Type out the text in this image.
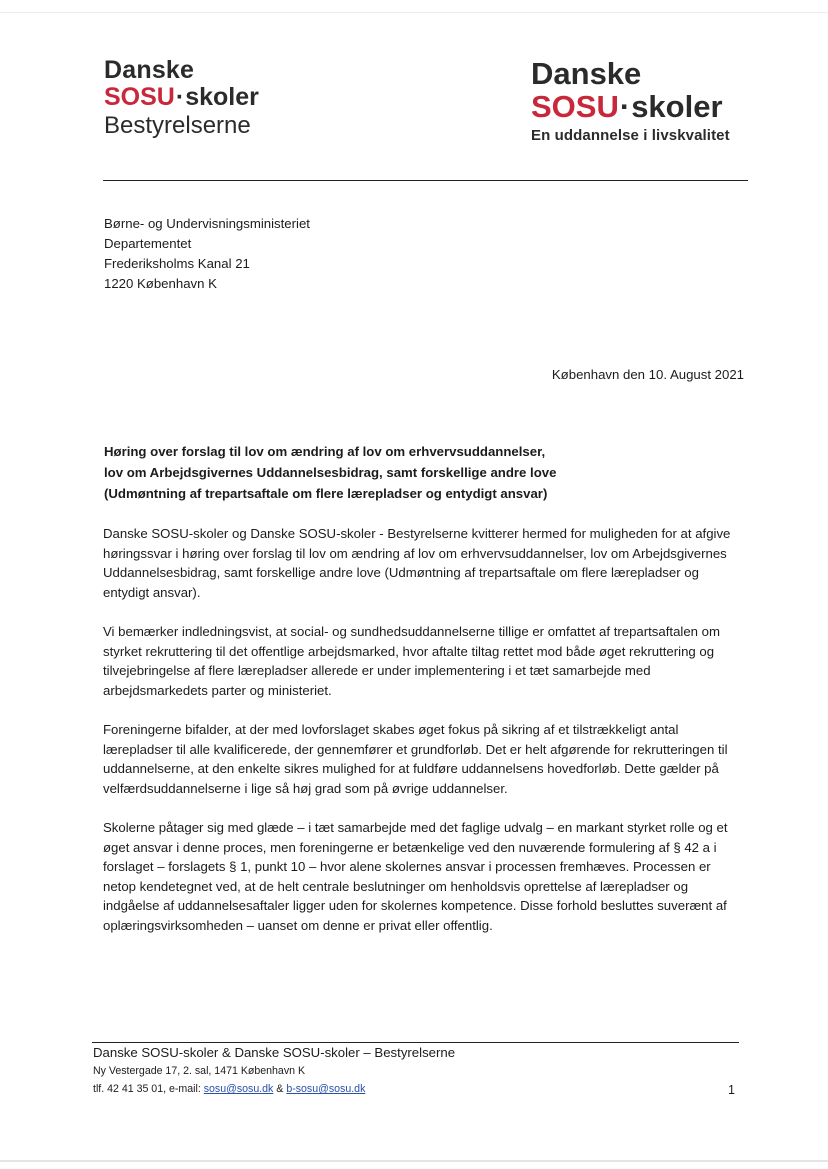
Danske
SOSU·skoler
Bestyrelserne
Danske
SOSU·skoler
En uddannelse i livskvalitet
Børne- og Undervisningsministeriet
Departementet
Frederiksholms Kanal 21
1220 København K
København den 10. August 2021
Høring over forslag til lov om ændring af lov om erhvervsuddannelser,
lov om Arbejdsgivernes Uddannelsesbidrag, samt forskellige andre love
(Udmøntning af trepartsaftale om flere lærepladser og entydigt ansvar)

Danske SOSU-skoler og Danske SOSU-skoler - Bestyrelserne kvitterer hermed for muligheden for at afgive høringssvar i høring over forslag til lov om ændring af lov om erhvervsuddannelser, lov om Arbejdsgivernes Uddannelsesbidrag, samt forskellige andre love (Udmøntning af trepartsaftale om flere lærepladser og entydigt ansvar).

Vi bemærker indledningsvist, at social- og sundhedsuddannelserne tillige er omfattet af trepartsaftalen om styrket rekruttering til det offentlige arbejdsmarked, hvor aftalte tiltag rettet mod både øget rekruttering og tilvejebringelse af flere lærepladser allerede er under implementering i et tæt samarbejde med arbejdsmarkedets parter og ministeriet.

Foreningerne bifalder, at der med lovforslaget skabes øget fokus på sikring af et tilstrækkeligt antal lærepladser til alle kvalificerede, der gennemfører et grundforløb. Det er helt afgørende for rekrutteringen til uddannelserne, at den enkelte sikres mulighed for at fuldføre uddannelsens hovedforløb. Dette gælder på velfærdsuddannelserne i lige så høj grad som på øvrige uddannelser.

Skolerne påtager sig med glæde – i tæt samarbejde med det faglige udvalg – en markant styrket rolle og et øget ansvar i denne proces, men foreningerne er betænkelige ved den nuværende formulering af § 42 a i forslaget – forslagets § 1, punkt 10 – hvor alene skolernes ansvar i processen fremhæves. Processen er netop kendetegnet ved, at de helt centrale beslutninger om henholdsvis oprettelse af lærepladser og indgåelse af uddannelsesaftaler ligger uden for skolernes kompetence. Disse forhold besluttes suverænt af oplæringsvirksomheden – uanset om denne er privat eller offentlig.

Danske SOSU-skoler & Danske SOSU-skoler – Bestyrelserne
Ny Vestergade 17, 2. sal, 1471 København K
tlf. 42 41 35 01, e-mail: sosu@sosu.dk & b-sosu@sosu.dk	1
